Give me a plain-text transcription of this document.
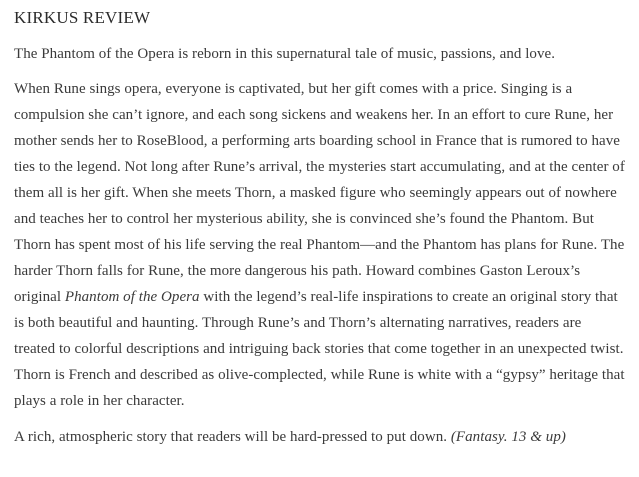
KIRKUS REVIEW

The Phantom of the Opera is reborn in this supernatural tale of music, passions, and love.

When Rune sings opera, everyone is captivated, but her gift comes with a price. Singing is a compulsion she can’t ignore, and each song sickens and weakens her. In an effort to cure Rune, her mother sends her to RoseBlood, a performing arts boarding school in France that is rumored to have ties to the legend. Not long after Rune’s arrival, the mysteries start accumulating, and at the center of them all is her gift. When she meets Thorn, a masked figure who seemingly appears out of nowhere and teaches her to control her mysterious ability, she is convinced she’s found the Phantom. But Thorn has spent most of his life serving the real Phantom—and the Phantom has plans for Rune. The harder Thorn falls for Rune, the more dangerous his path. Howard combines Gaston Leroux’s original Phantom of the Opera with the legend’s real-life inspirations to create an original story that is both beautiful and haunting. Through Rune’s and Thorn’s alternating narratives, readers are treated to colorful descriptions and intriguing back stories that come together in an unexpected twist. Thorn is French and described as olive-complected, while Rune is white with a “gypsy” heritage that plays a role in her character.

A rich, atmospheric story that readers will be hard-pressed to put down. (Fantasy. 13 & up)
